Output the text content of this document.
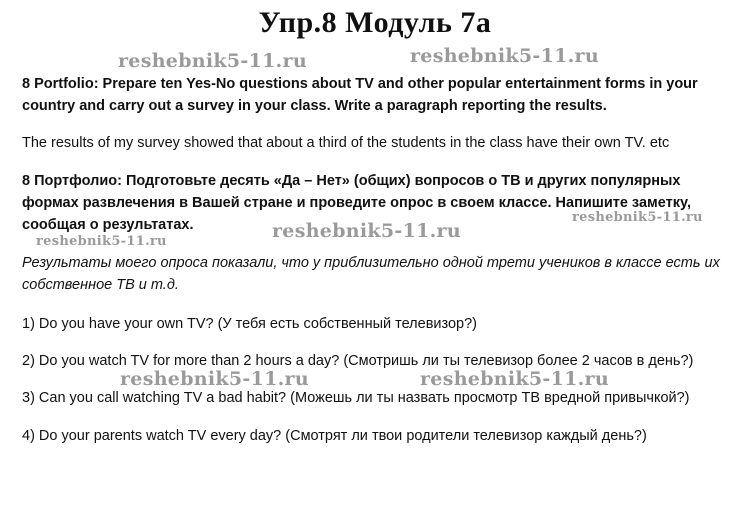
Упр.8 Модуль 7а
reshebnik5-11.ru	reshebnik5-11.ru
reshebnik5-11.ru
reshebnik5-11.ru
reshebnik5-11.ru
reshebnik5-11.ru	reshebnik5-11.ru
8 Portfolio: Prepare ten Yes-No questions about TV and other popular entertainment forms in your country and carry out a survey in your class. Write a paragraph reporting the results.
The results of my survey showed that about a third of the students in the class have their own TV. etc
8 Портфолио: Подготовьте десять «Да – Нет» (общих) вопросов о ТВ и других популярных формах развлечения в Вашей стране и проведите опрос в своем классе. Напишите заметку, сообщая о результатах.
Результаты моего опроса показали, что у приблизительно одной трети учеников в классе есть их собственное ТВ и т.д.
1) Do you have your own TV? (У тебя есть собственный телевизор?)
2) Do you watch TV for more than 2 hours a day? (Смотришь ли ты телевизор более 2 часов в день?)
3) Can you call watching TV a bad habit? (Можешь ли ты назвать просмотр ТВ вредной привычкой?)
4) Do your parents watch TV every day? (Смотрят ли твои родители телевизор каждый день?)
